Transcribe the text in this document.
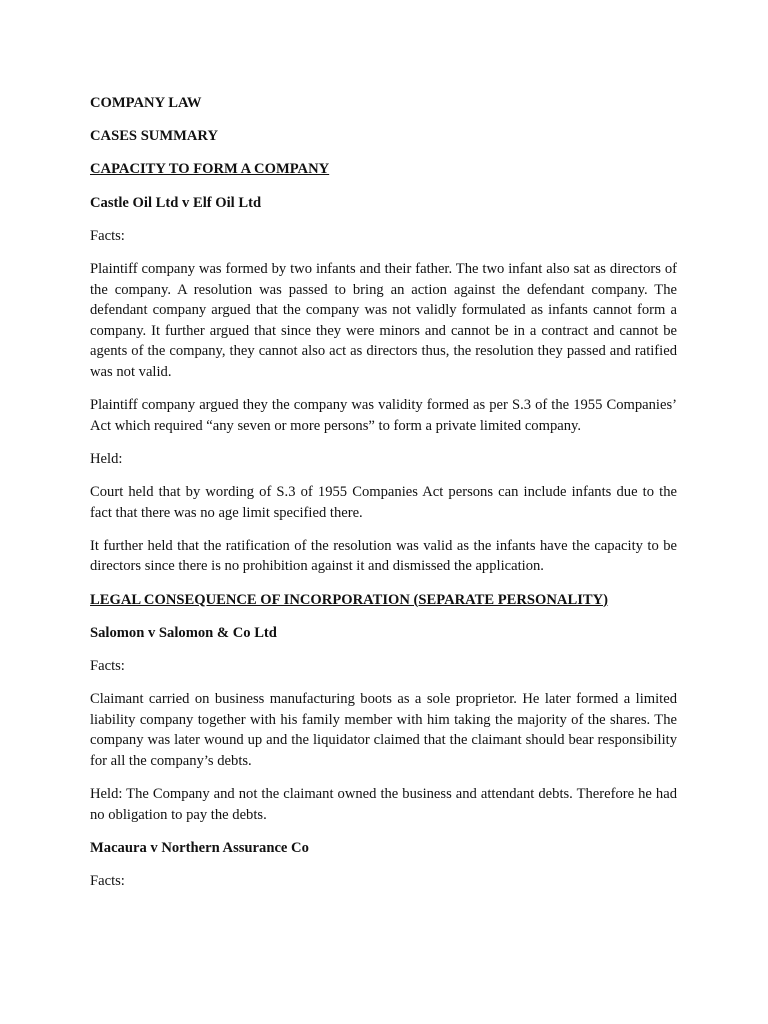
COMPANY LAW
CASES SUMMARY
CAPACITY TO FORM A COMPANY
Castle Oil Ltd v Elf Oil Ltd
Facts:

Plaintiff company was formed by two infants and their father. The two infant also sat as directors of the company. A resolution was passed to bring an action against the defendant company. The defendant company argued that the company was not validly formulated as infants cannot form a company. It further argued that since they were minors and cannot be in a contract and cannot be agents of the company, they cannot also act as directors thus, the resolution they passed and ratified was not valid.

Plaintiff company argued they the company was validity formed as per S.3 of the 1955 Companies’ Act which required “any seven or more persons” to form a private limited company.

Held:

Court held that by wording of S.3 of 1955 Companies Act persons can include infants due to the fact that there was no age limit specified there.

It further held that the ratification of the resolution was valid as the infants have the capacity to be directors since there is no prohibition against it and dismissed the application.

LEGAL CONSEQUENCE OF INCORPORATION (SEPARATE PERSONALITY)
Salomon v Salomon & Co Ltd
Facts:

Claimant carried on business manufacturing boots as a sole proprietor. He later formed a limited liability company together with his family member with him taking the majority of the shares. The company was later wound up and the liquidator claimed that the claimant should bear responsibility for all the company’s debts.

Held: The Company and not the claimant owned the business and attendant debts. Therefore he had no obligation to pay the debts.

Macaura v Northern Assurance Co
Facts:
